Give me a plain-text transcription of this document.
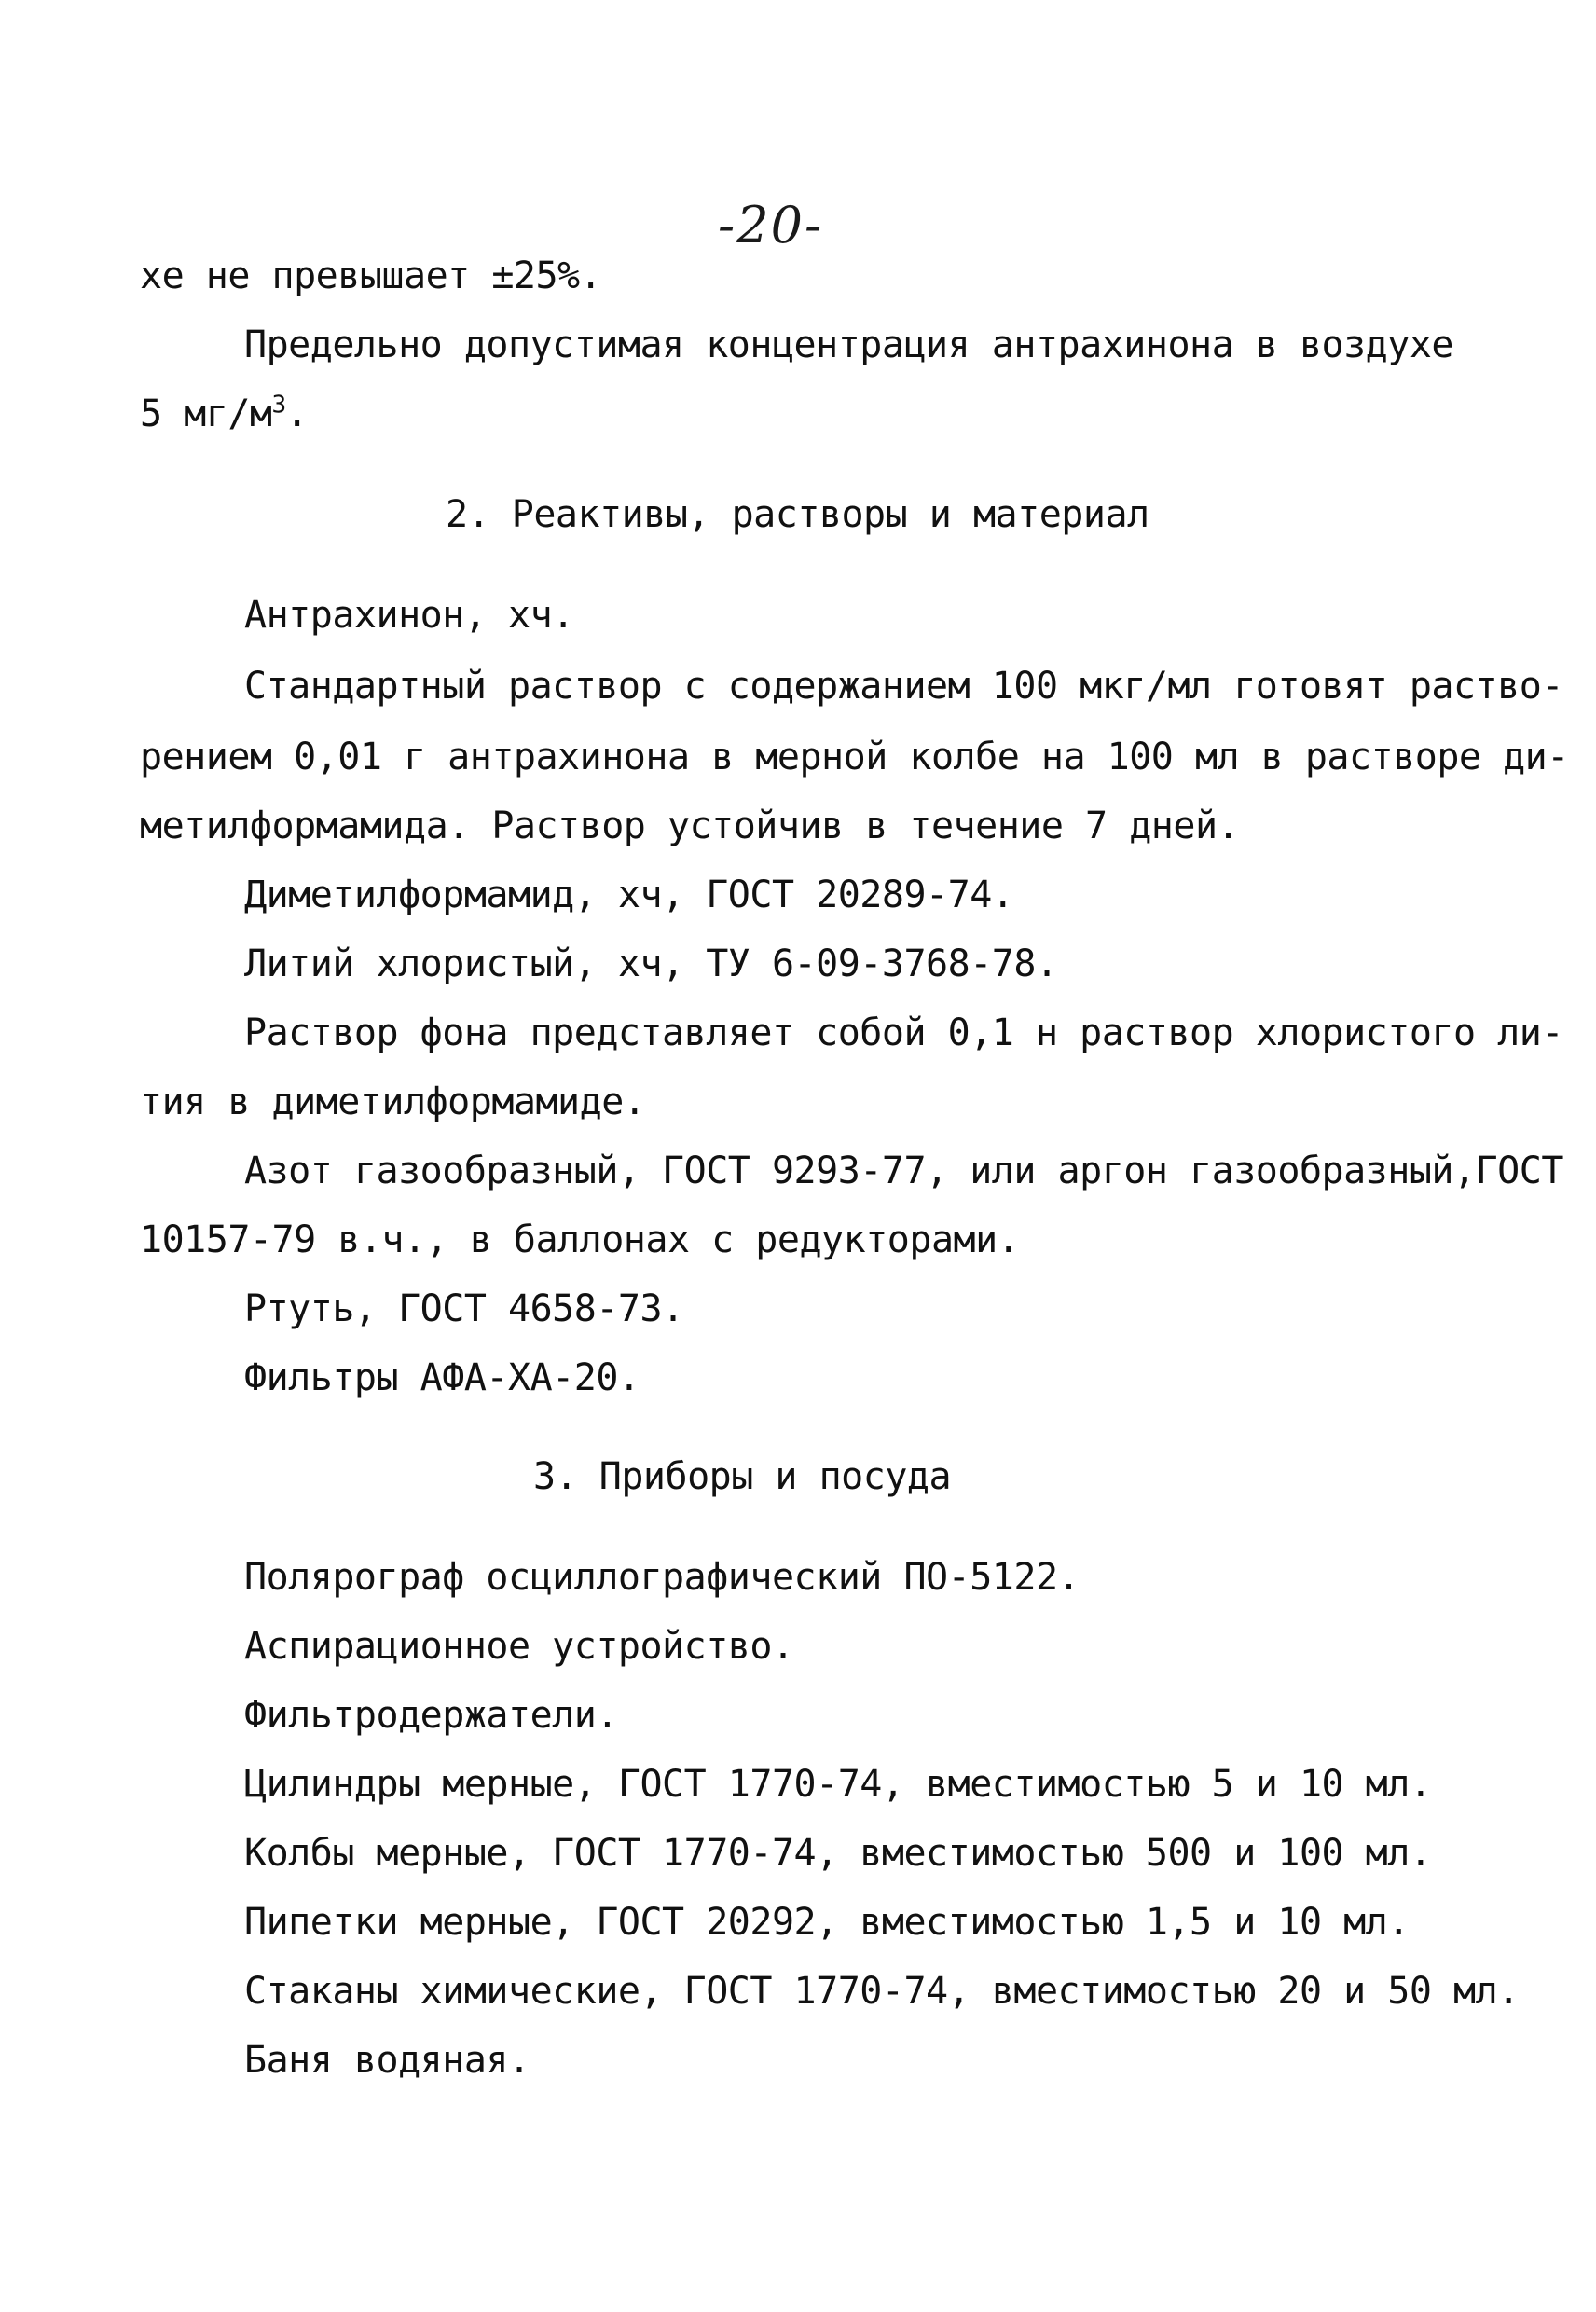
-20-
хе не превышает ±25%.
Предельно допустимая концентрация антрахинона в воздухе
5 $мг/м^3$.
2. Реактивы, растворы и материал
Антрахинон, хч.
Стандартный раствор с содержанием 100 мкг/мл готовят раство-
рением 0,01 г антрахинона в мерной колбе на 100 мл в растворе ди-
метилформамида. Раствор устойчив в течение 7 дней.
Диметилформамид, хч, ГОСТ 20289-74.
Литий хлористый, хч, ТУ 6-09-3768-78.
Раствор фона представляет собой 0,1 н раствор хлористого ли-
тия в диметилформамиде.
Азот газообразный, ГОСТ 9293-77, или аргон газообразный,ГОСТ
10157-79 в.ч., в баллонах с редукторами.
Ртуть, ГОСТ 4658-73.
Фильтры АФА-ХА-20.
3. Приборы и посуда
Полярограф осциллографический ПО-5122.
Аспирационное устройство.
Фильтродержатели.
Цилиндры мерные, ГОСТ 1770-74, вместимостью 5 и 10 мл.
Колбы мерные, ГОСТ 1770-74, вместимостью 500 и 100 мл.
Пипетки мерные, ГОСТ 20292, вместимостью 1,5 и 10 мл.
Стаканы химические, ГОСТ 1770-74, вместимостью 20 и 50 мл.
Баня водяная.
